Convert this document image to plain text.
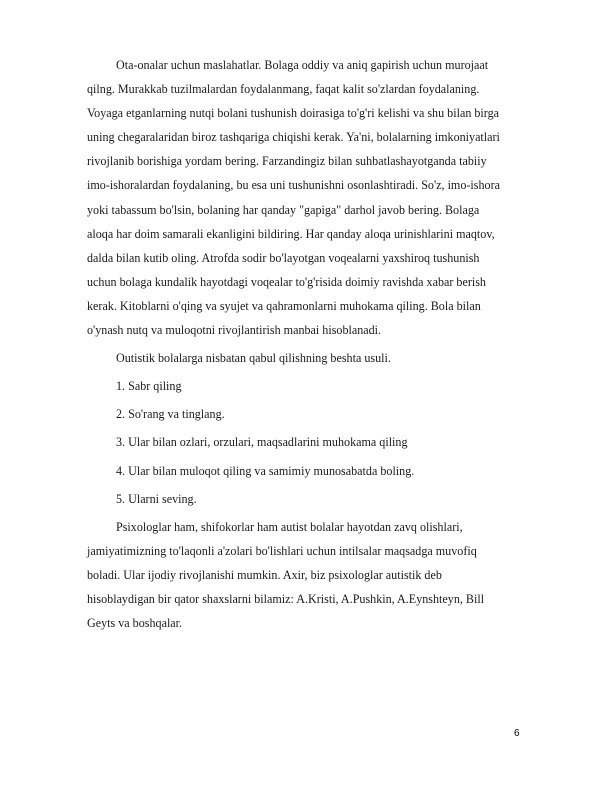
Ota-onalar uchun maslahatlar. Bolaga oddiy va aniq gapirish uchun murojaat
qilng. Murakkab tuzilmalardan foydalanmang, faqat kalit so'zlardan foydalaning.
Voyaga etganlarning nutqi bolani tushunish doirasiga to'g'ri kelishi va shu bilan birga
uning chegaralaridan biroz tashqariga chiqishi kerak. Ya'ni, bolalarning imkoniyatlari
rivojlanib borishiga yordam bering. Farzandingiz bilan suhbatlashayotganda tabiiy
imo-ishoralardan foydalaning, bu esa uni tushunishni osonlashtiradi. So'z, imo-ishora
yoki tabassum bo'lsin, bolaning har qanday "gapiga" darhol javob bering. Bolaga
aloqa har doim samarali ekanligini bildiring. Har qanday aloqa urinishlarini maqtov,
dalda bilan kutib oling. Atrofda sodir bo'layotgan voqealarni yaxshiroq tushunish
uchun bolaga kundalik hayotdagi voqealar to'g'risida doimiy ravishda xabar berish
kerak. Kitoblarni o'qing va syujet va qahramonlarni muhokama qiling. Bola bilan
o'ynash nutq va muloqotni rivojlantirish manbai hisoblanadi.
Outistik bolalarga nisbatan qabul qilishning beshta usuli.
1. Sabr qiling
2. So'rang va tinglang.
3. Ular bilan ozlari, orzulari, maqsadlarini muhokama qiling
4. Ular bilan muloqot qiling va samimiy munosabatda boling.
5. Ularni seving.
Psixologlar ham, shifokorlar ham autist bolalar hayotdan zavq olishlari,
jamiyatimizning to'laqonli a'zolari bo'lishlari uchun intilsalar maqsadga muvofiq
boladi. Ular ijodiy rivojlanishi mumkin. Axir, biz psixologlar autistik deb
hisoblaydigan bir qator shaxslarni bilamiz: A.Kristi, A.Pushkin, A.Eynshteyn, Bill
Geyts va boshqalar.
6
